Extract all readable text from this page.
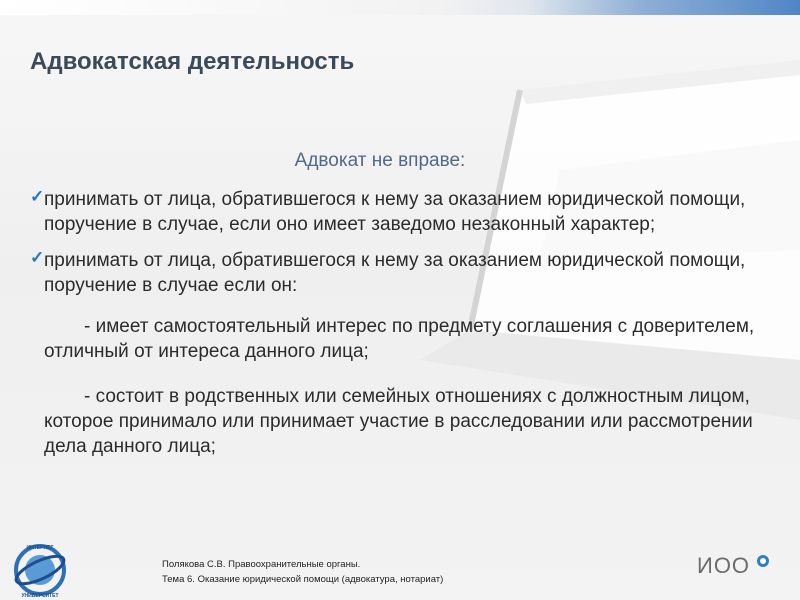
Адвокатская деятельность
Адвокат не вправе:
✓ принимать от лица, обратившегося к нему за оказанием юридической помощи, поручение в случае, если оно имеет заведомо незаконный характер;
✓ принимать от лица, обратившегося к нему за оказанием юридической помощи, поручение в случае если он:
- имеет самостоятельный интерес по предмету соглашения с доверителем, отличный от интереса данного лица;
- состоит в родственных или семейных отношениях с должностным лицом, которое принимало или принимает участие в расследовании или рассмотрении дела данного лица;
ИНТЕРНЕТ
УНИВЕРСИТЕТ
Полякова С.В. Правоохранительные органы.
Тема 6. Оказание юридической помощи (адвокатура, нотариат)
ИОО
